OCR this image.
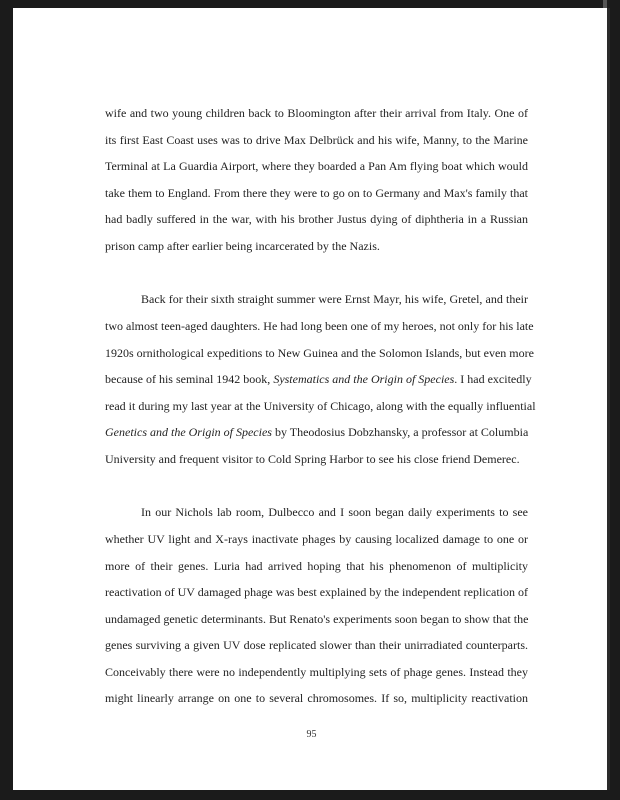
wife and two young children back to Bloomington after their arrival from Italy. One of
its first East Coast uses was to drive Max Delbrück and his wife, Manny, to the Marine
Terminal at La Guardia Airport, where they boarded a Pan Am flying boat which would
take them to England. From there they were to go on to Germany and Max's family that
had badly suffered in the war, with his brother Justus dying of diphtheria in a Russian
prison camp after earlier being incarcerated by the Nazis.

Back for their sixth straight summer were Ernst Mayr, his wife, Gretel, and their
two almost teen-aged daughters. He had long been one of my heroes, not only for his late
1920s ornithological expeditions to New Guinea and the Solomon Islands, but even more
because of his seminal 1942 book, Systematics and the Origin of Species. I had excitedly
read it during my last year at the University of Chicago, along with the equally influential
Genetics and the Origin of Species by Theodosius Dobzhansky, a professor at Columbia
University and frequent visitor to Cold Spring Harbor to see his close friend Demerec.

In our Nichols lab room, Dulbecco and I soon began daily experiments to see
whether UV light and X-rays inactivate phages by causing localized damage to one or
more of their genes. Luria had arrived hoping that his phenomenon of multiplicity
reactivation of UV damaged phage was best explained by the independent replication of
undamaged genetic determinants. But Renato's experiments soon began to show that the
genes surviving a given UV dose replicated slower than their unirradiated counterparts.
Conceivably there were no independently multiplying sets of phage genes. Instead they
might linearly arrange on one to several chromosomes. If so, multiplicity reactivation

95
